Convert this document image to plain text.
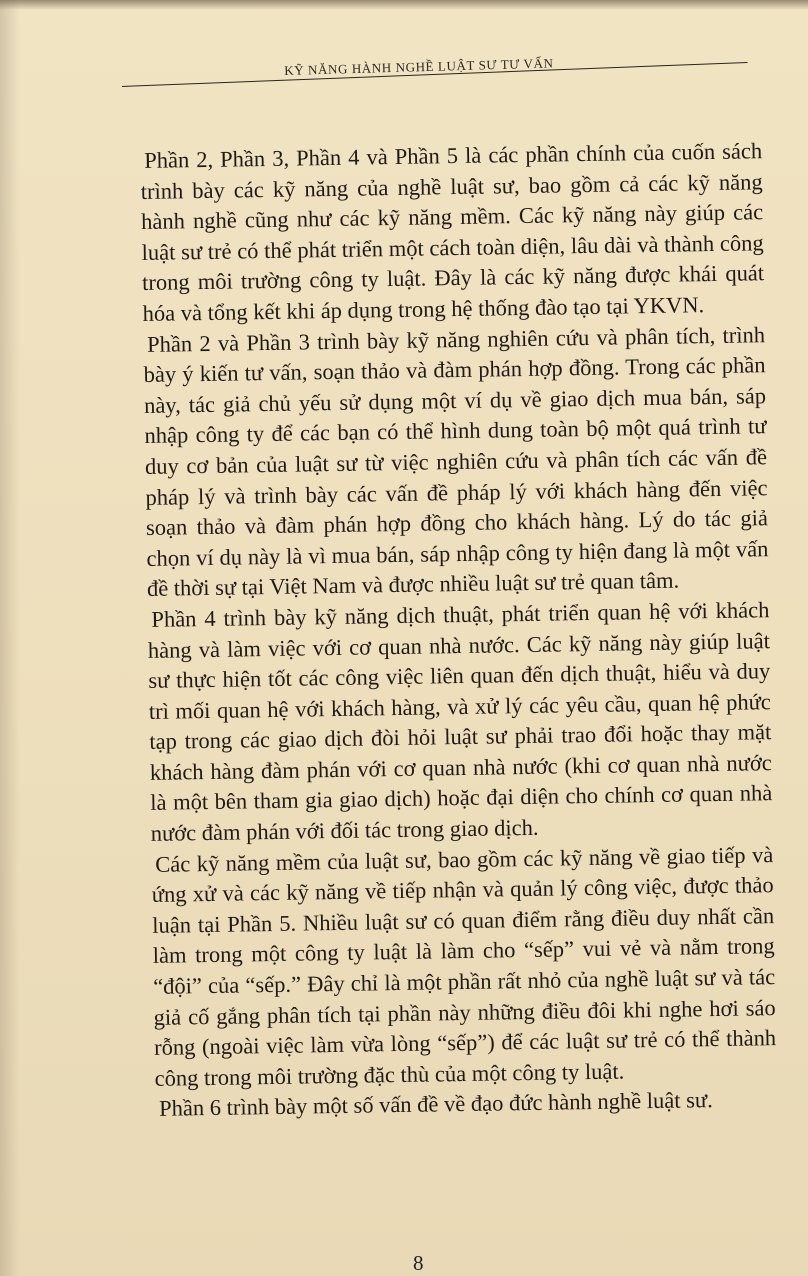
KỸ NĂNG HÀNH NGHỀ LUẬT SƯ TƯ VẤN

Phần 2, Phần 3, Phần 4 và Phần 5 là các phần chính của cuốn sách trình bày các kỹ năng của nghề luật sư, bao gồm cả các kỹ năng hành nghề cũng như các kỹ năng mềm. Các kỹ năng này giúp các luật sư trẻ có thể phát triển một cách toàn diện, lâu dài và thành công trong môi trường công ty luật. Đây là các kỹ năng được khái quát hóa và tổng kết khi áp dụng trong hệ thống đào tạo tại YKVN.

Phần 2 và Phần 3 trình bày kỹ năng nghiên cứu và phân tích, trình bày ý kiến tư vấn, soạn thảo và đàm phán hợp đồng. Trong các phần này, tác giả chủ yếu sử dụng một ví dụ về giao dịch mua bán, sáp nhập công ty để các bạn có thể hình dung toàn bộ một quá trình tư duy cơ bản của luật sư từ việc nghiên cứu và phân tích các vấn đề pháp lý và trình bày các vấn đề pháp lý với khách hàng đến việc soạn thảo và đàm phán hợp đồng cho khách hàng. Lý do tác giả chọn ví dụ này là vì mua bán, sáp nhập công ty hiện đang là một vấn đề thời sự tại Việt Nam và được nhiều luật sư trẻ quan tâm.

Phần 4 trình bày kỹ năng dịch thuật, phát triển quan hệ với khách hàng và làm việc với cơ quan nhà nước. Các kỹ năng này giúp luật sư thực hiện tốt các công việc liên quan đến dịch thuật, hiểu và duy trì mối quan hệ với khách hàng, và xử lý các yêu cầu, quan hệ phức tạp trong các giao dịch đòi hỏi luật sư phải trao đổi hoặc thay mặt khách hàng đàm phán với cơ quan nhà nước (khi cơ quan nhà nước là một bên tham gia giao dịch) hoặc đại diện cho chính cơ quan nhà nước đàm phán với đối tác trong giao dịch.

Các kỹ năng mềm của luật sư, bao gồm các kỹ năng về giao tiếp và ứng xử và các kỹ năng về tiếp nhận và quản lý công việc, được thảo luận tại Phần 5. Nhiều luật sư có quan điểm rằng điều duy nhất cần làm trong một công ty luật là làm cho “sếp” vui vẻ và nằm trong “đội” của “sếp.” Đây chỉ là một phần rất nhỏ của nghề luật sư và tác giả cố gắng phân tích tại phần này những điều đôi khi nghe hơi sáo rỗng (ngoài việc làm vừa lòng “sếp”) để các luật sư trẻ có thể thành công trong môi trường đặc thù của một công ty luật.

Phần 6 trình bày một số vấn đề về đạo đức hành nghề luật sư.

8
